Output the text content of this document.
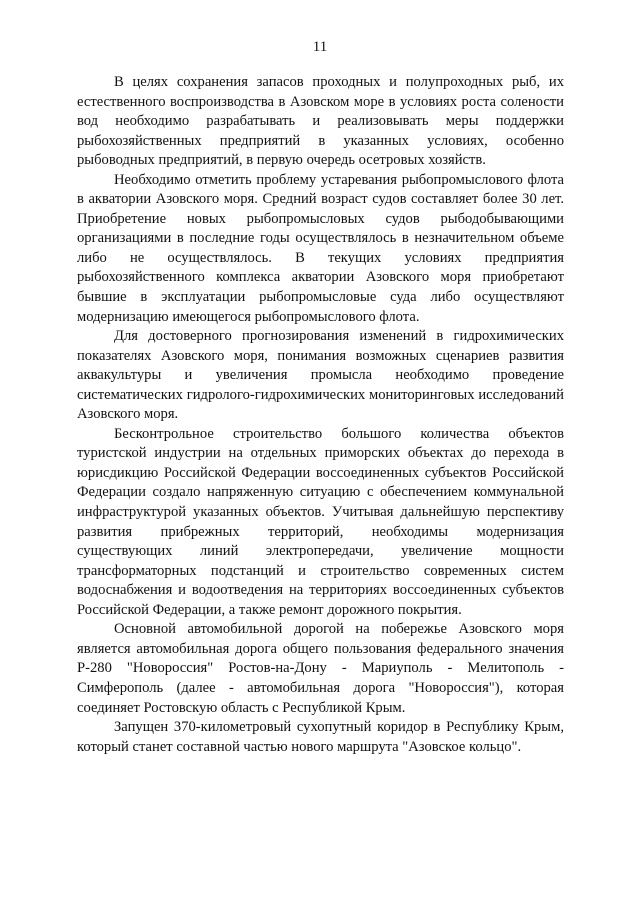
11

В целях сохранения запасов проходных и полупроходных рыб, их естественного воспроизводства в Азовском море в условиях роста солености вод необходимо разрабатывать и реализовывать меры поддержки рыбохозяйственных предприятий в указанных условиях, особенно рыбоводных предприятий, в первую очередь осетровых хозяйств.

Необходимо отметить проблему устаревания рыбопромыслового флота в акватории Азовского моря. Средний возраст судов составляет более 30 лет. Приобретение новых рыбопромысловых судов рыбодобывающими организациями в последние годы осуществлялось в незначительном объеме либо не осуществлялось. В текущих условиях предприятия рыбохозяйственного комплекса акватории Азовского моря приобретают бывшие в эксплуатации рыбопромысловые суда либо осуществляют модернизацию имеющегося рыбопромыслового флота.

Для достоверного прогнозирования изменений в гидрохимических показателях Азовского моря, понимания возможных сценариев развития аквакультуры и увеличения промысла необходимо проведение систематических гидролого-гидрохимических мониторинговых исследований Азовского моря.

Бесконтрольное строительство большого количества объектов туристской индустрии на отдельных приморских объектах до перехода в юрисдикцию Российской Федерации воссоединенных субъектов Российской Федерации создало напряженную ситуацию с обеспечением коммунальной инфраструктурой указанных объектов. Учитывая дальнейшую перспективу развития прибрежных территорий, необходимы модернизация существующих линий электропередачи, увеличение мощности трансформаторных подстанций и строительство современных систем водоснабжения и водоотведения на территориях воссоединенных субъектов Российской Федерации, а также ремонт дорожного покрытия.

Основной автомобильной дорогой на побережье Азовского моря является автомобильная дорога общего пользования федерального значения Р-280 "Новороссия" Ростов-на-Дону - Мариуполь - Мелитополь - Симферополь (далее - автомобильная дорога "Новороссия"), которая соединяет Ростовскую область с Республикой Крым.

Запущен 370-километровый сухопутный коридор в Республику Крым, который станет составной частью нового маршрута "Азовское кольцо".
